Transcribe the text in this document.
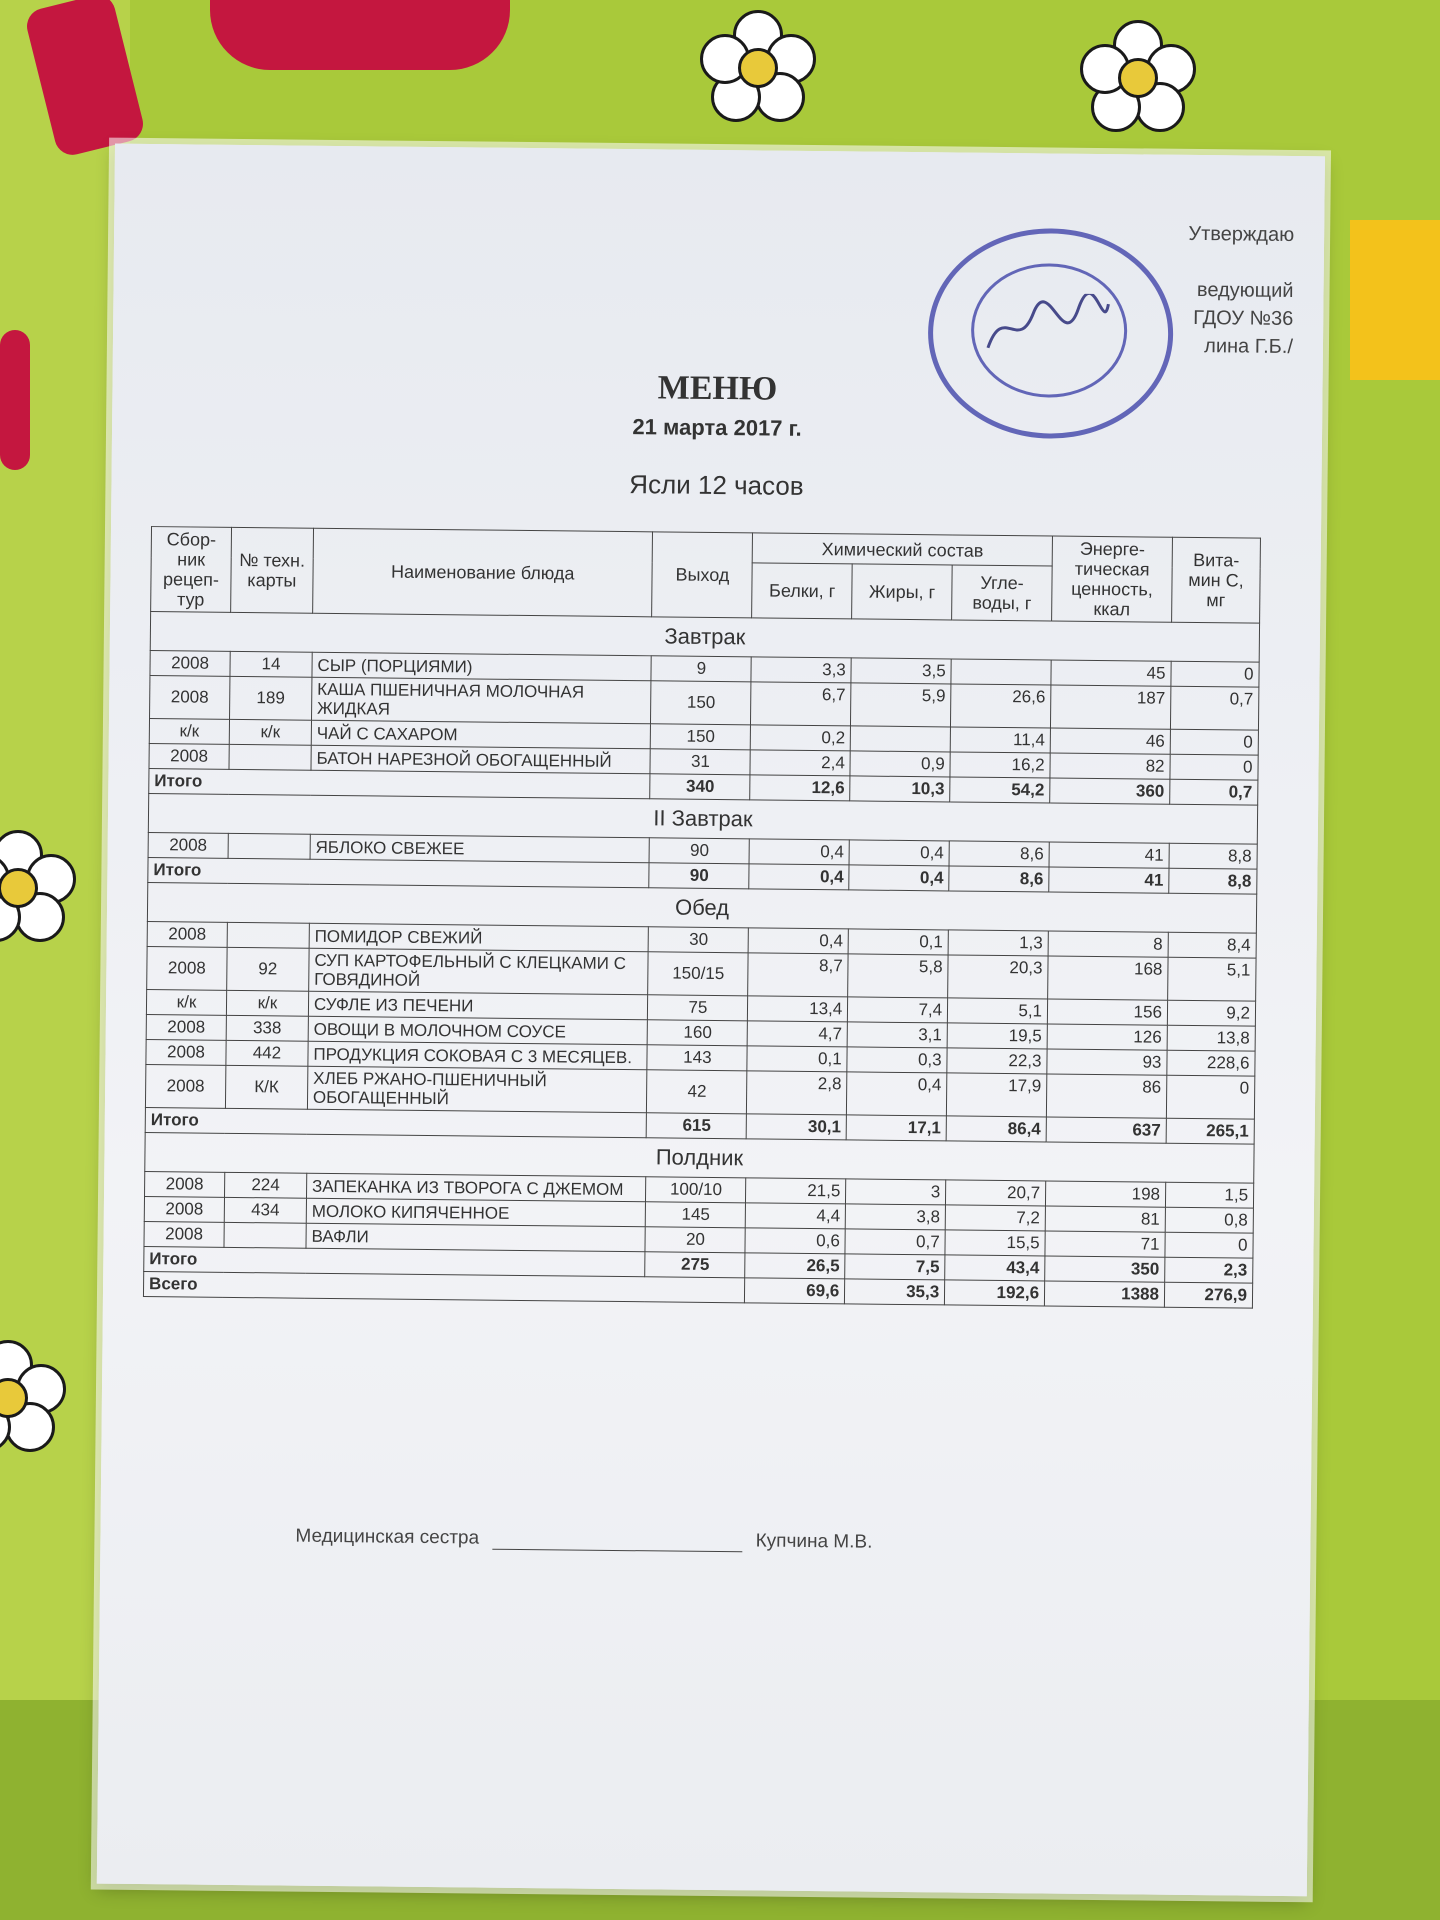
Утверждаю
ведующий
ГДОУ №36
лина Г.Б./
МЕНЮ
21 марта 2017 г.
Ясли 12 часов
Сбор-ник рецеп-тур	№ техн. карты	Наименование блюда	Выход	Химический состав			Энерге-тическая ценность, ккал	Вита-мин С, мг
				Белки, г	Жиры, г	Угле-воды, г		
Завтрак								
2008	14	СЫР (ПОРЦИЯМИ)	9	3,3	3,5		45	0
2008	189	КАША ПШЕНИЧНАЯ МОЛОЧНАЯ ЖИДКАЯ	150	6,7	5,9	26,6	187	0,7
к/к	к/к	ЧАЙ С САХАРОМ	150	0,2		11,4	46	0
2008		БАТОН НАРЕЗНОЙ ОБОГАЩЕННЫЙ	31	2,4	0,9	16,2	82	0
Итого			340	12,6	10,3	54,2	360	0,7
II Завтрак								
2008		ЯБЛОКО СВЕЖЕЕ	90	0,4	0,4	8,6	41	8,8
Итого			90	0,4	0,4	8,6	41	8,8
Обед								
2008		ПОМИДОР СВЕЖИЙ	30	0,4	0,1	1,3	8	8,4
2008	92	СУП КАРТОФЕЛЬНЫЙ С КЛЕЦКАМИ С ГОВЯДИНОЙ	150/15	8,7	5,8	20,3	168	5,1
к/к	к/к	СУФЛЕ ИЗ ПЕЧЕНИ	75	13,4	7,4	5,1	156	9,2
2008	338	ОВОЩИ В МОЛОЧНОМ СОУСЕ	160	4,7	3,1	19,5	126	13,8
2008	442	ПРОДУКЦИЯ СОКОВАЯ С 3 МЕСЯЦЕВ.	143	0,1	0,3	22,3	93	228,6
2008	К/К	ХЛЕБ РЖАНО-ПШЕНИЧНЫЙ ОБОГАЩЕННЫЙ	42	2,8	0,4	17,9	86	0
Итого			615	30,1	17,1	86,4	637	265,1
Полдник								
2008	224	ЗАПЕКАНКА ИЗ ТВОРОГА С ДЖЕМОМ	100/10	21,5	3	20,7	198	1,5
2008	434	МОЛОКО КИПЯЧЕННОЕ	145	4,4	3,8	7,2	81	0,8
2008		ВАФЛИ	20	0,6	0,7	15,5	71	0
Итого			275	26,5	7,5	43,4	350	2,3
Всего				69,6	35,3	192,6	1388	276,9
Медицинская сестра	Купчина М.В.
